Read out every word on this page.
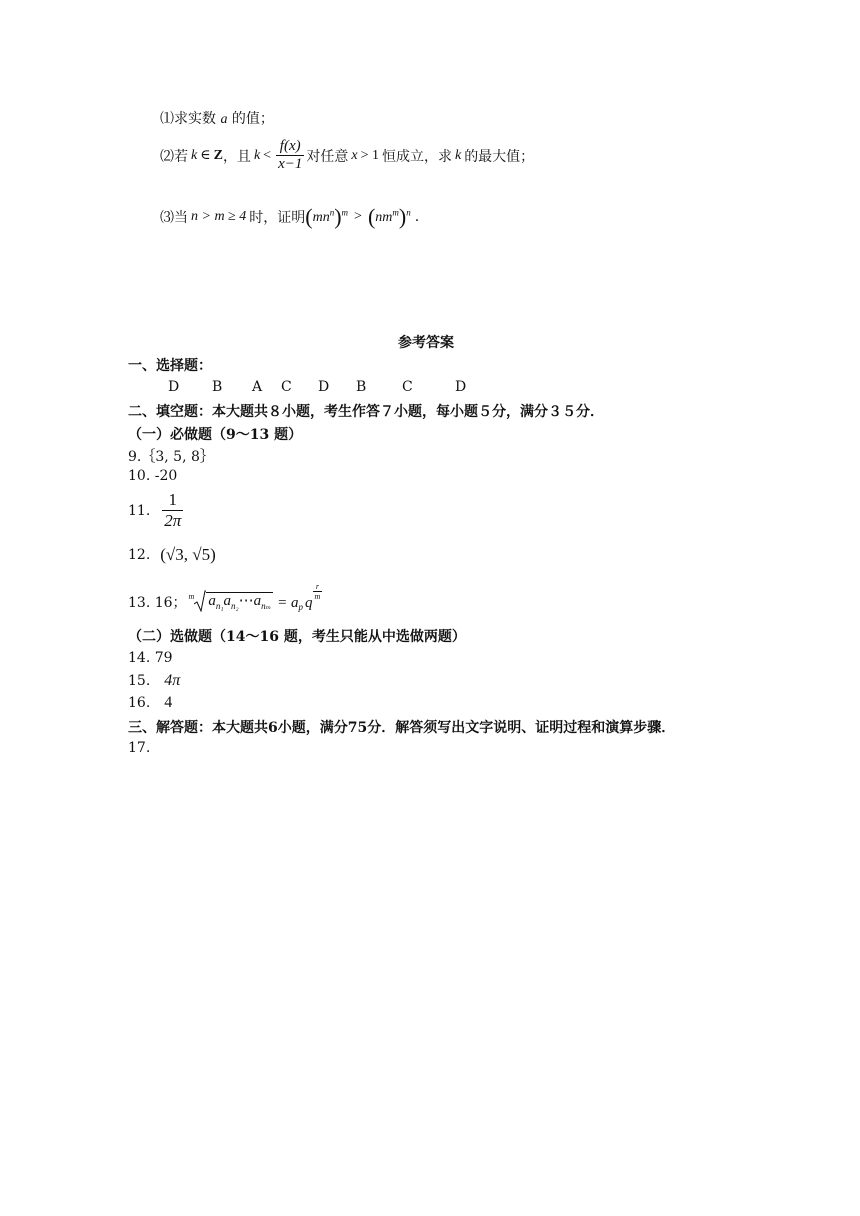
⑴求实数 a 的值；
⑵ 若 k ∈ Z ，且 $k < \frac{f(x)}{x-1}$ 对任意 x > 1 恒成立，求 k 的最大值；
⑶ 当 n > m ≥ 4 时，证明 $(mn^n)^m > (nm^m)^n$ .
参考答案
一、选择题：
D B A C D B	C	D
二、填空题：本大题共８小题，考生作答７小题，每小题５分，满分３５分．
（一）必做题（9～13 题）
9.｛3, 5, 8｝
10. -20
11. $\frac{1}{2\pi}$
12. (√3, √5)
13. 16； m $a_{n_1}a_{n_2}\cdots a_{n_m} = a_p$ q
$\frac{r}{m}$
（二）选做题（14～16 题，考生只能从中选做两题）
14. 79
15. 4π
16. 4
三、解答题：本大题共6小题，满分75分．解答须写出文字说明、证明过程和演算步骤．
17.
